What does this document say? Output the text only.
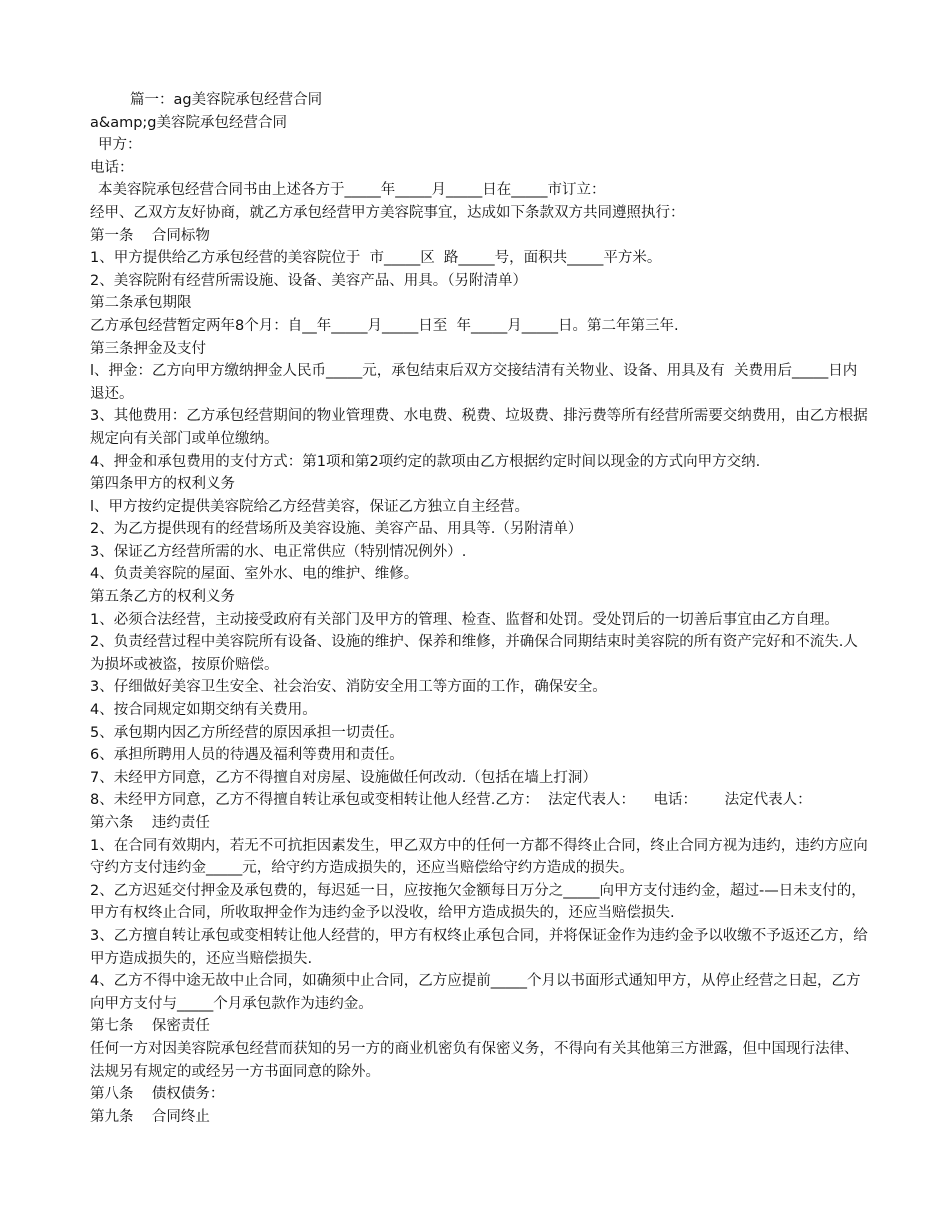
篇一：ag美容院承包经营合同

a&amp;g美容院承包经营合同

甲方：

电话：

本美容院承包经营合同书由上述各方于_____年_____月_____日在_____市订立：

经甲、乙双方友好协商，就乙方承包经营甲方美容院事宜，达成如下条款双方共同遵照执行：

第一条    合同标物

1、甲方提供给乙方承包经营的美容院位于  市_____区  路_____号，面积共_____平方米。

2、美容院附有经营所需设施、设备、美容产品、用具。（另附清单）

第二条承包期限

乙方承包经营暂定两年8个月：自__年_____月_____日至  年_____月_____日。第二年第三年.

第三条押金及支付

l、押金：乙方向甲方缴纳押金人民币_____元，承包结束后双方交接结清有关物业、设备、用具及有  关费用后_____日内退还。

3、其他费用：乙方承包经营期间的物业管理费、水电费、税费、垃圾费、排污费等所有经营所需要交纳费用，由乙方根据规定向有关部门或单位缴纳。

4、押金和承包费用的支付方式：第1项和第2项约定的款项由乙方根据约定时间以现金的方式向甲方交纳.

第四条甲方的权利义务

l、甲方按约定提供美容院给乙方经营美容，保证乙方独立自主经营。

2、为乙方提供现有的经营场所及美容设施、美容产品、用具等.（另附清单）

3、保证乙方经营所需的水、电正常供应（特别情况例外）.

4、负责美容院的屋面、室外水、电的维护、维修。

第五条乙方的权利义务

1、必须合法经营，主动接受政府有关部门及甲方的管理、检查、监督和处罚。受处罚后的一切善后事宜由乙方自理。

2、负责经营过程中美容院所有设备、设施的维护、保养和维修，并确保合同期结束时美容院的所有资产完好和不流失.人为损坏或被盗，按原价赔偿。

3、仔细做好美容卫生安全、社会治安、消防安全用工等方面的工作，确保安全。

4、按合同规定如期交纳有关费用。

5、承包期内因乙方所经营的原因承担一切责任。

6、承担所聘用人员的待遇及福利等费用和责任。

7、未经甲方同意，乙方不得擅自对房屋、设施做任何改动.（包括在墙上打洞）

8、未经甲方同意，乙方不得擅自转让承包或变相转让他人经营.乙方：  法定代表人：    电话：      法定代表人：

第六条    违约责任

1、在合同有效期内，若无不可抗拒因素发生，甲乙双方中的任何一方都不得终止合同，终止合同方视为违约，违约方应向守约方支付违约金_____元，给守约方造成损失的，还应当赔偿给守约方造成的损失。

2、乙方迟延交付押金及承包费的，每迟延一日，应按拖欠金额每日万分之_____向甲方支付违约金，超过-—日未支付的，甲方有权终止合同，所收取押金作为违约金予以没收，给甲方造成损失的，还应当赔偿损失.

3、乙方擅自转让承包或变相转让他人经营的，甲方有权终止承包合同，并将保证金作为违约金予以收缴不予返还乙方，给甲方造成损失的，还应当赔偿损失.

4、乙方不得中途无故中止合同，如确须中止合同，乙方应提前_____个月以书面形式通知甲方，从停止经营之日起，乙方向甲方支付与_____个月承包款作为违约金。

第七条    保密责任

任何一方对因美容院承包经营而获知的另一方的商业机密负有保密义务，不得向有关其他第三方泄露，但中国现行法律、法规另有规定的或经另一方书面同意的除外。

第八条    债权债务：

第九条    合同终止
